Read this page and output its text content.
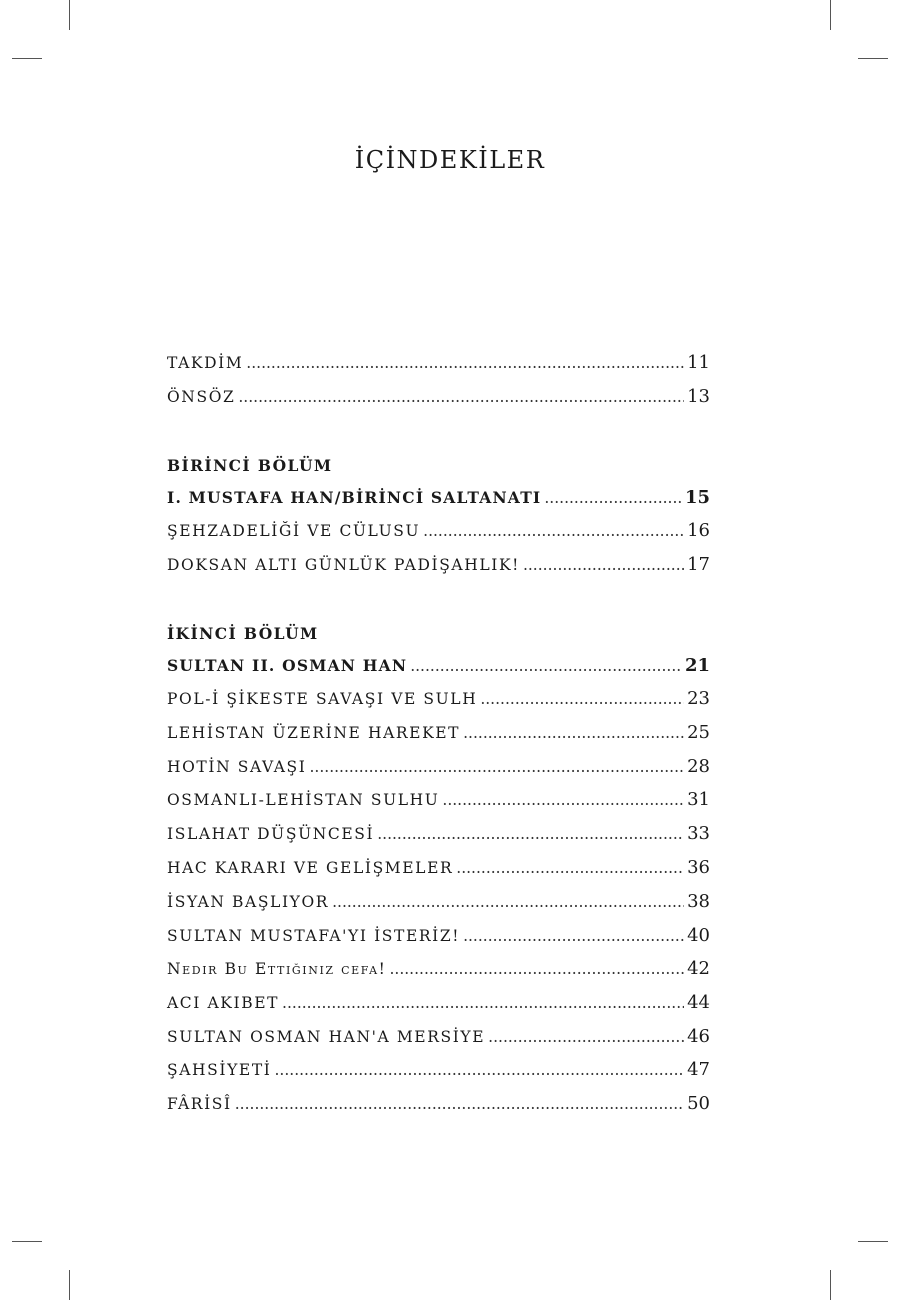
İÇİNDEKİLER
TAKDİM .....	11
ÖNSÖZ .....	13
BİRİNCİ BÖLÜM
I. MUSTAFA HAN/BİRİNCİ SALTANATI .....	15
ŞEHZADELİĞİ VE CÜLUSU .....	16
DOKSAN ALTI GÜNLÜK PADİŞAHLIK! .....	17
İKİNCİ BÖLÜM
SULTAN II. OSMAN HAN .....	21
POL-İ ŞİKESTE SAVAŞI VE SULH .....	23
LEHİSTAN ÜZERİNE HAREKET .....	25
HOTİN SAVAŞI .....	28
OSMANLI-LEHİSTAN SULHU .....	31
ISLAHAT DÜŞÜNCESİ .....	33
HAC KARARI VE GELİŞMELER .....	36
İSYAN BAŞLIYOR .....	38
SULTAN MUSTAFA'YI İSTERİZ! .....	40
Nedir Bu Ettiğiniz cefa! .....	42
ACI AKIBET .....	44
SULTAN OSMAN HAN'A MERSİYE .....	46
ŞAHSİYETİ .....	47
FÂRİSÎ .....	50
